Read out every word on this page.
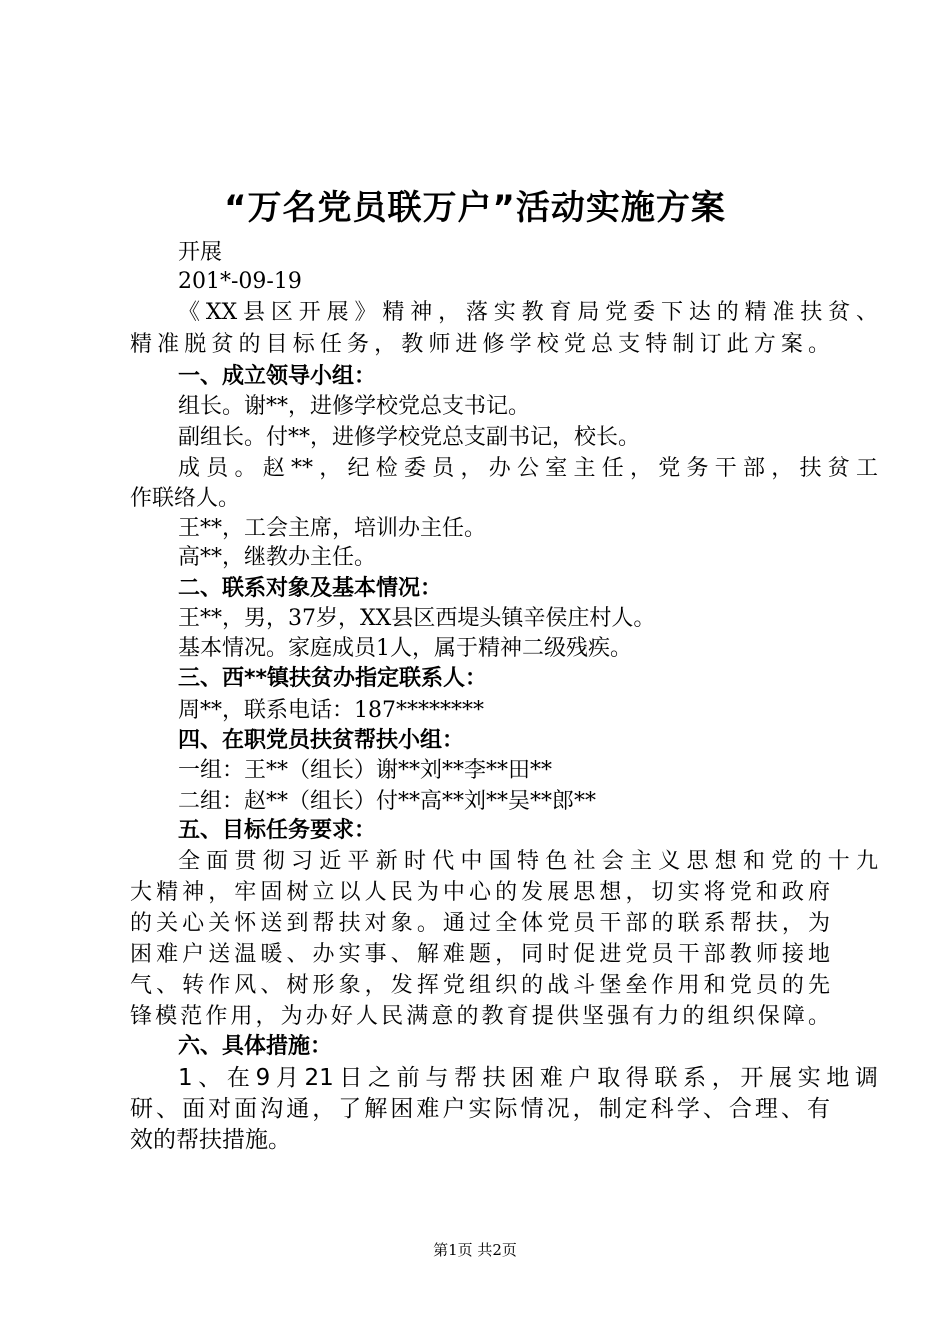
“万名党员联万户”活动实施方案
开展
201*-09-19
《XX县区开展》精神，落实教育局党委下达的精准扶贫、
精准脱贫的目标任务，教师进修学校党总支特制订此方案。
一、成立领导小组：
组长。谢**，进修学校党总支书记。
副组长。付**，进修学校党总支副书记，校长。
成员。赵**，纪检委员，办公室主任，党务干部，扶贫工
作联络人。
王**，工会主席，培训办主任。
高**，继教办主任。
二、联系对象及基本情况：
王**，男，37岁，XX县区西堤头镇辛侯庄村人。
基本情况。家庭成员1人，属于精神二级残疾。
三、西**镇扶贫办指定联系人：
周**，联系电话：187********
四、在职党员扶贫帮扶小组：
一组：王**（组长）谢**刘**李**田**
二组：赵**（组长）付**高**刘**吴**郎**
五、目标任务要求：
全面贯彻习近平新时代中国特色社会主义思想和党的十九
大精神，牢固树立以人民为中心的发展思想，切实将党和政府
的关心关怀送到帮扶对象。通过全体党员干部的联系帮扶，为
困难户送温暖、办实事、解难题，同时促进党员干部教师接地
气、转作风、树形象，发挥党组织的战斗堡垒作用和党员的先
锋模范作用，为办好人民满意的教育提供坚强有力的组织保障。
六、具体措施：
1、在9月21日之前与帮扶困难户取得联系，开展实地调
研、面对面沟通，了解困难户实际情况，制定科学、合理、有
效的帮扶措施。
第1页 共2页
